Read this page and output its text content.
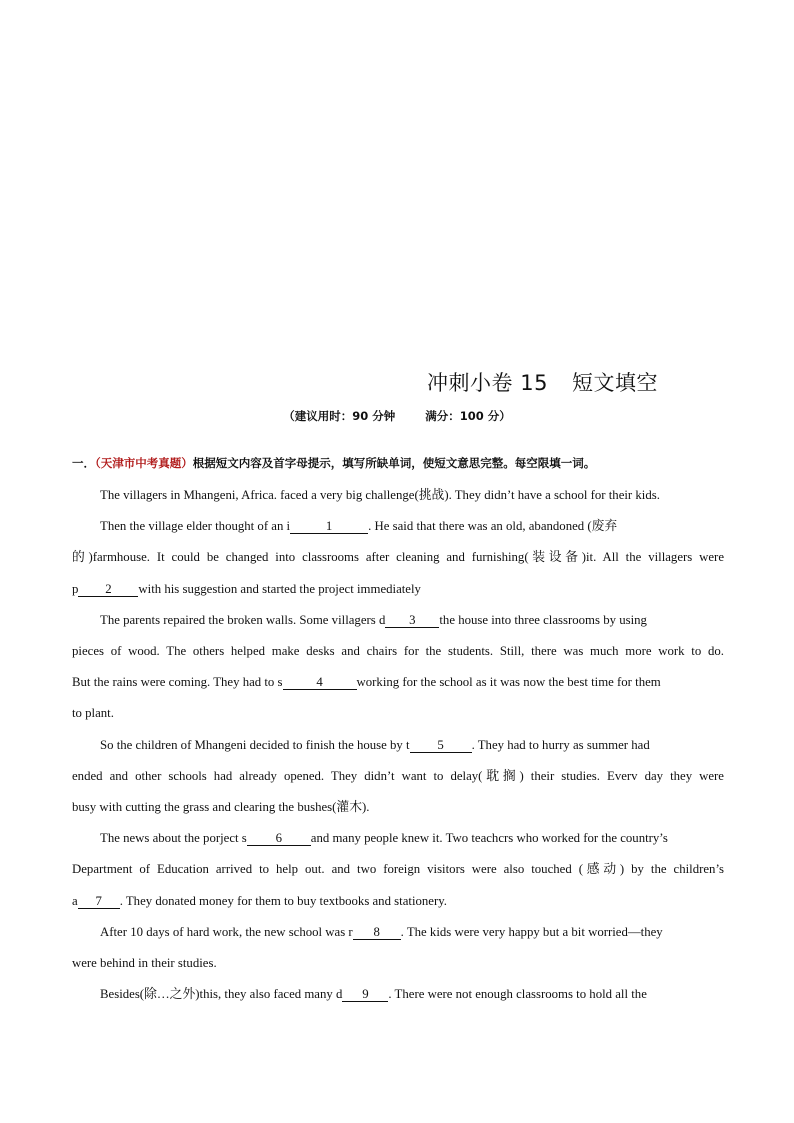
冲刺小卷 15 短文填空
（建议用时：90 分钟	满分：100 分）
一．（天津市中考真题）根据短文内容及首字母提示，填写所缺单词，使短文意思完整。每空限填一词。
The villagers in Mhangeni, Africa. faced a very big challenge(挑战). They didn’t have a school for their kids.
Then the village elder thought of an i	1	. He said that there was an old, abandoned (废弃
的)farmhouse. It could be changed into classrooms after cleaning and furnishing(装设备)it. All the villagers were
p 2 with his suggestion and started the project immediately
The parents repaired the broken walls. Some villagers d 3 the house into three classrooms by using
pieces of wood. The others helped make desks and chairs for the students. Still, there was much more work to do.
But the rains were coming. They had to s	4	working for the school as it was now the best time for them
to plant.
So the children of Mhangeni decided to finish the house by t 5 . They had to hurry as summer had
ended and other schools had already opened. They didn’t want to delay(耽搁) their studies. Everv day they were
busy with cutting the grass and clearing the bushes(灌木).
The news about the porject s 6 and many people knew it. Two teachcrs who worked for the country’s
Department of Education arrived to help out. and two foreign visitors were also touched (感动) by the children’s
a 7 . They donated money for them to buy textbooks and stationery.
After 10 days of hard work, the new school was r 8 . The kids were very happy but a bit worried—they
were behind in their studies.
Besides(除…之外)this, they also faced many d 9 . There were not enough classrooms to hold all the
